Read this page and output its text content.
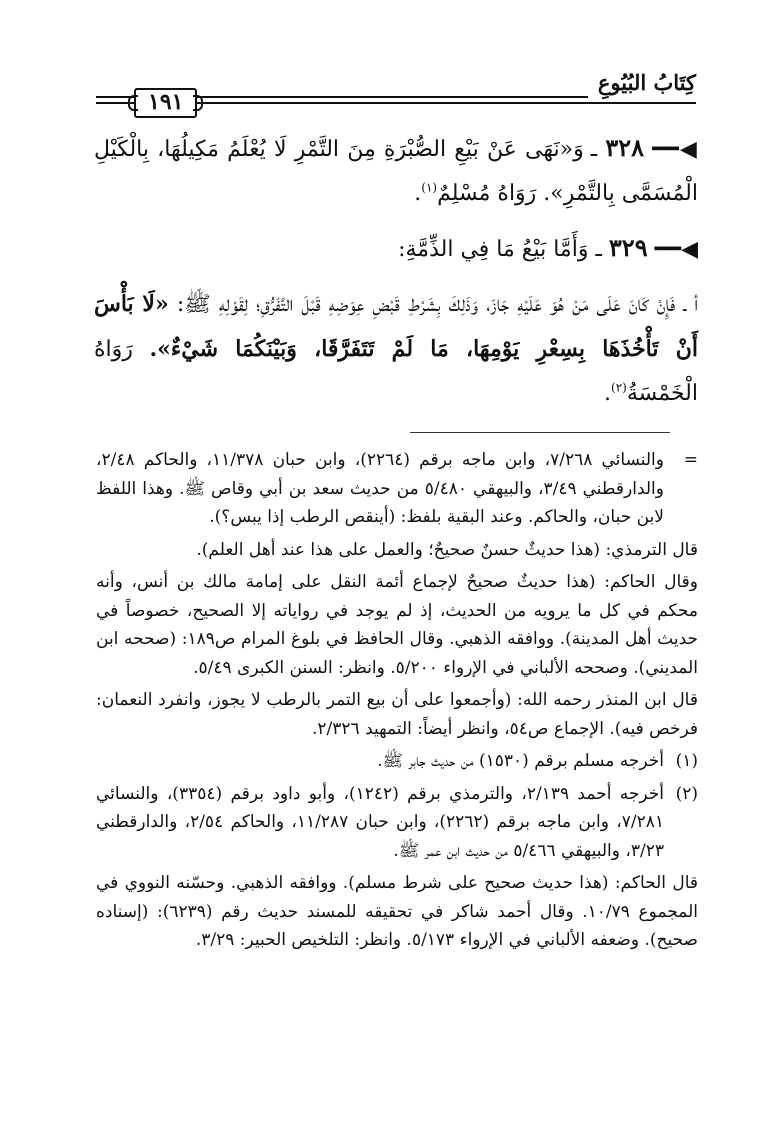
كِتَابُ البُيُوعِ
١٩١

◀━━ ٣٢٨ ـ وَ«نَهَى عَنْ بَيْعِ الصُّبْرَةِ مِنَ التَّمْرِ لَا يُعْلَمُ مَكِيلُهَا، بِالْكَيْلِ الْمُسَمَّى بِالتَّمْرِ». رَوَاهُ مُسْلِمٌ$^{(١)}$.

◀━━ ٣٢٩ ـ وَأَمَّا بَيْعُ مَا فِي الذِّمَّةِ:

أ ـ فَإِنْ كَانَ عَلَى مَنْ هُوَ عَلَيْهِ جَازَ، وَذَلِكَ بِشَرْطِ قَبْضِ عِوَضِهِ قَبْلَ التَّفَرُّقِ؛ لِقَوْلِهِ ﷺ: «لَا بَأْسَ أَنْ تَأْخُذَهَا بِسِعْرِ يَوْمِهَا، مَا لَمْ تَتَفَرَّقَا، وَبَيْنَكُمَا شَيْءٌ». رَوَاهُ الْخَمْسَةُ$^{(٢)}$.

=
والنسائي ٧/٢٦٨، وابن ماجه برقم (٢٢٦٤)، وابن حبان ١١/٣٧٨، والحاكم ٢/٤٨، والدارقطني ٣/٤٩، والبيهقي ٥/٤٨٠ من حديث سعد بن أبي وقاص ﷺ. وهذا اللفظ لابن حبان، والحاكم. وعند البقية بلفظ: (أينقص الرطب إذا يبس؟).
قال الترمذي: (هذا حديثٌ حسنٌ صحيحٌ؛ والعمل على هذا عند أهل العلم).
وقال الحاكم: (هذا حديثٌ صحيحٌ لإجماع أئمة النقل على إمامة مالك بن أنس، وأنه محكم في كل ما يرويه من الحديث، إذ لم يوجد في رواياته إلا الصحيح، خصوصاً في حديث أهل المدينة). ووافقه الذهبي. وقال الحافظ في بلوغ المرام ص١٨٩: (صححه ابن المديني). وصححه الألباني في الإرواء ٥/٢٠٠. وانظر: السنن الكبرى ٥/٤٩.
قال ابن المنذر رحمه الله: (وأجمعوا على أن بيع التمر بالرطب لا يجوز، وانفرد النعمان: فرخص فيه). الإجماع ص٥٤، وانظر أيضاً: التمهيد ٢/٣٢٦.
(١)
أخرجه مسلم برقم (١٥٣٠) من حديث جابر ﷺ.
(٢)
أخرجه أحمد ٢/١٣٩، والترمذي برقم (١٢٤٢)، وأبو داود برقم (٣٣٥٤)، والنسائي ٧/٢٨١، وابن ماجه برقم (٢٢٦٢)، وابن حبان ١١/٢٨٧، والحاكم ٢/٥٤، والدارقطني ٣/٢٣، والبيهقي ٥/٤٦٦ من حديث ابن عمر ﷺ.
قال الحاكم: (هذا حديث صحيح على شرط مسلم). ووافقه الذهبي. وحسّنه النووي في المجموع ١٠/٧٩. وقال أحمد شاكر في تحقيقه للمسند حديث رقم (٦٢٣٩): (إسناده صحيح). وضعفه الألباني في الإرواء ٥/١٧٣. وانظر: التلخيص الحبير: ٣/٢٩.
